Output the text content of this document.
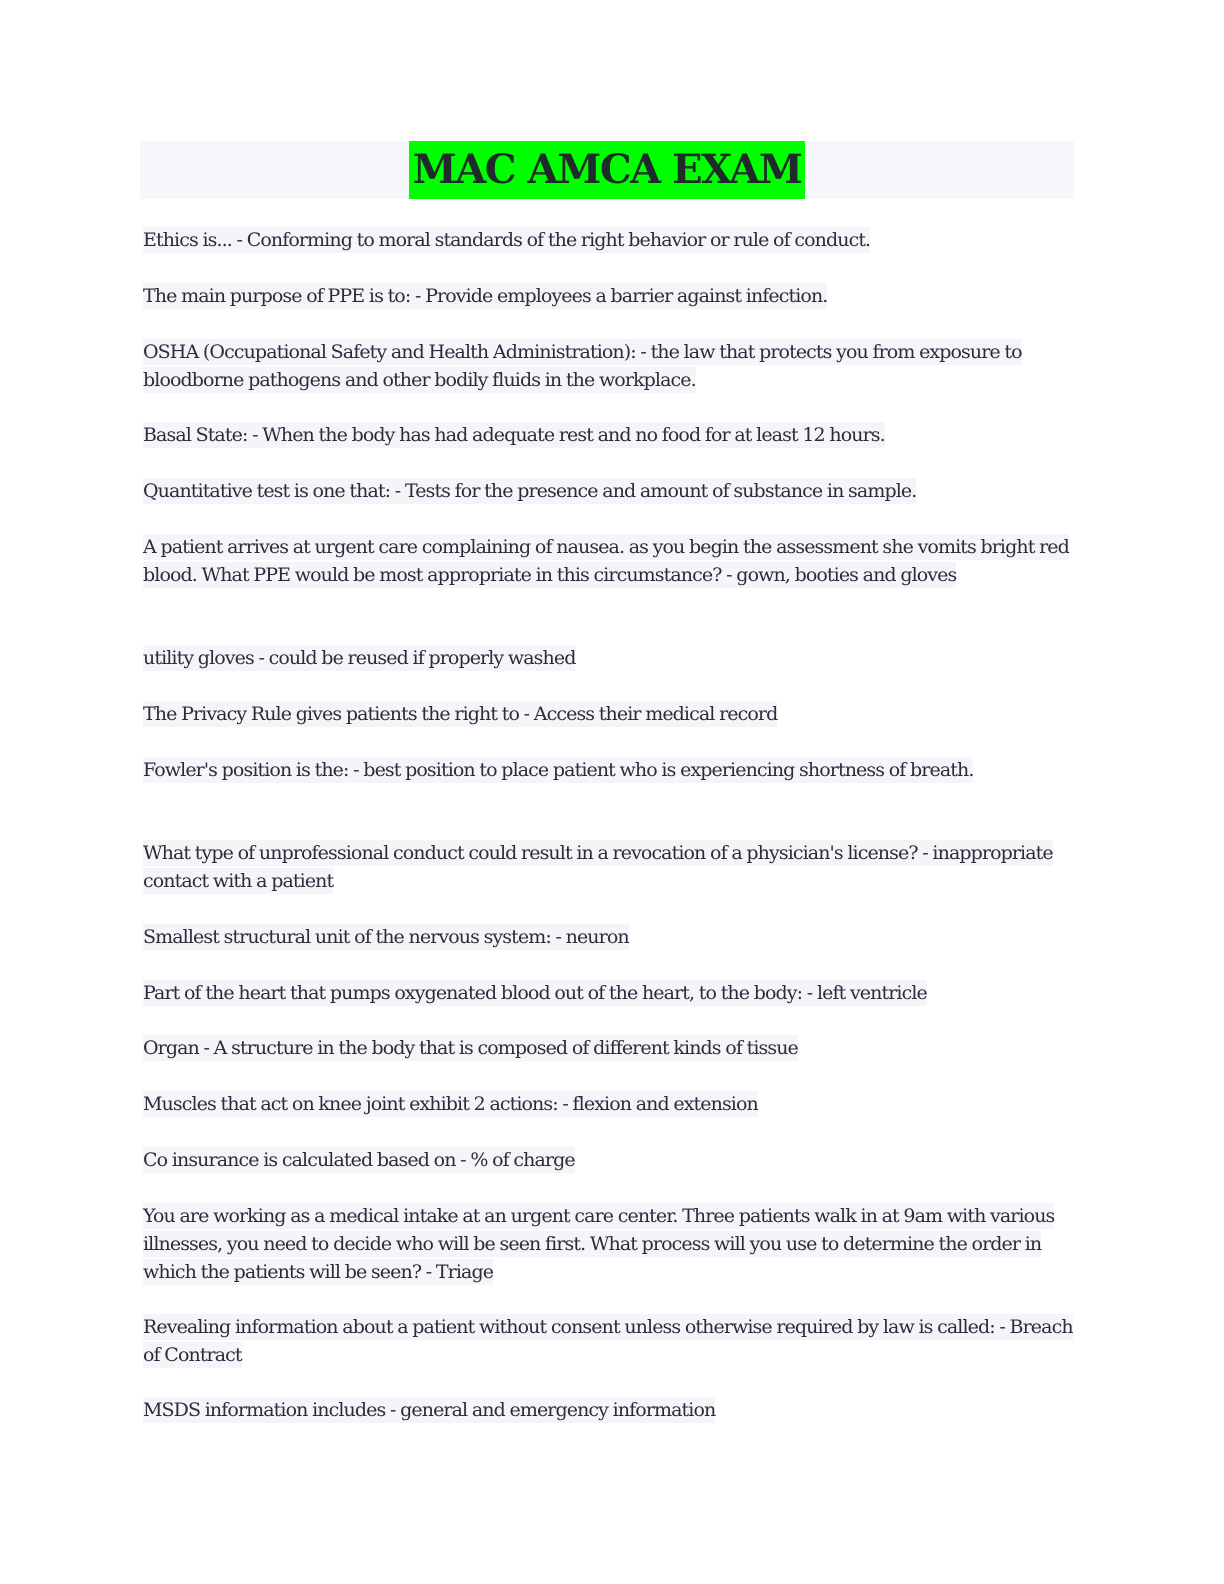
MAC AMCA EXAM

Ethics is... - Conforming to moral standards of the right behavior or rule of conduct.

The main purpose of PPE is to: - Provide employees a barrier against infection.

OSHA (Occupational Safety and Health Administration): - the law that protects you from exposure to bloodborne pathogens and other bodily fluids in the workplace.

Basal State: - When the body has had adequate rest and no food for at least 12 hours.

Quantitative test is one that: - Tests for the presence and amount of substance in sample.

A patient arrives at urgent care complaining of nausea. as you begin the assessment she vomits bright red blood. What PPE would be most appropriate in this circumstance? - gown, booties and gloves

utility gloves - could be reused if properly washed

The Privacy Rule gives patients the right to - Access their medical record

Fowler's position is the: - best position to place patient who is experiencing shortness of breath.

What type of unprofessional conduct could result in a revocation of a physician's license? - inappropriate contact with a patient

Smallest structural unit of the nervous system: - neuron

Part of the heart that pumps oxygenated blood out of the heart, to the body: - left ventricle

Organ - A structure in the body that is composed of different kinds of tissue

Muscles that act on knee joint exhibit 2 actions: - flexion and extension

Co insurance is calculated based on - % of charge

You are working as a medical intake at an urgent care center. Three patients walk in at 9am with various illnesses, you need to decide who will be seen first. What process will you use to determine the order in which the patients will be seen? - Triage

Revealing information about a patient without consent unless otherwise required by law is called: - Breach of Contract

MSDS information includes - general and emergency information
